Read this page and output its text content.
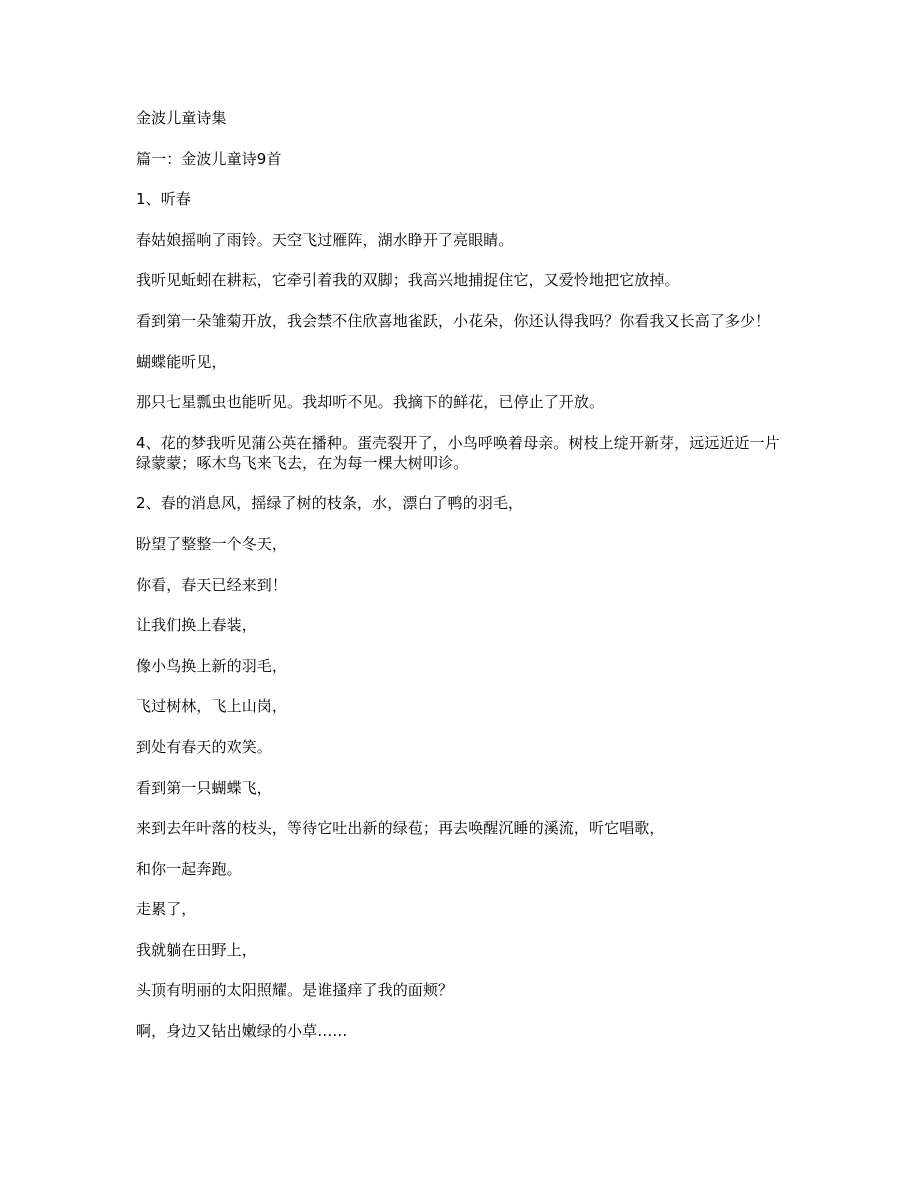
金波儿童诗集

篇一：金波儿童诗9首

1、听春

春姑娘摇响了雨铃。天空飞过雁阵，湖水睁开了亮眼睛。

我听见蚯蚓在耕耘，它牵引着我的双脚；我高兴地捕捉住它，又爱怜地把它放掉。

看到第一朵雏菊开放，我会禁不住欣喜地雀跃，小花朵，你还认得我吗？你看我又长高了多少！

蝴蝶能听见，

那只七星瓢虫也能听见。我却听不见。我摘下的鲜花，已停止了开放。

4、花的梦我听见蒲公英在播种。蛋壳裂开了，小鸟呼唤着母亲。树枝上绽开新芽，远远近近一片绿蒙蒙；啄木鸟飞来飞去，在为每一棵大树叩诊。

2、春的消息风，摇绿了树的枝条，水，漂白了鸭的羽毛，

盼望了整整一个冬天，

你看，春天已经来到！

让我们换上春装，

像小鸟换上新的羽毛，

飞过树林，飞上山岗，

到处有春天的欢笑。

看到第一只蝴蝶飞，

来到去年叶落的枝头，等待它吐出新的绿苞；再去唤醒沉睡的溪流，听它唱歌，

和你一起奔跑。

走累了，

我就躺在田野上，

头顶有明丽的太阳照耀。是谁搔痒了我的面颊？

啊，身边又钻出嫩绿的小草……
